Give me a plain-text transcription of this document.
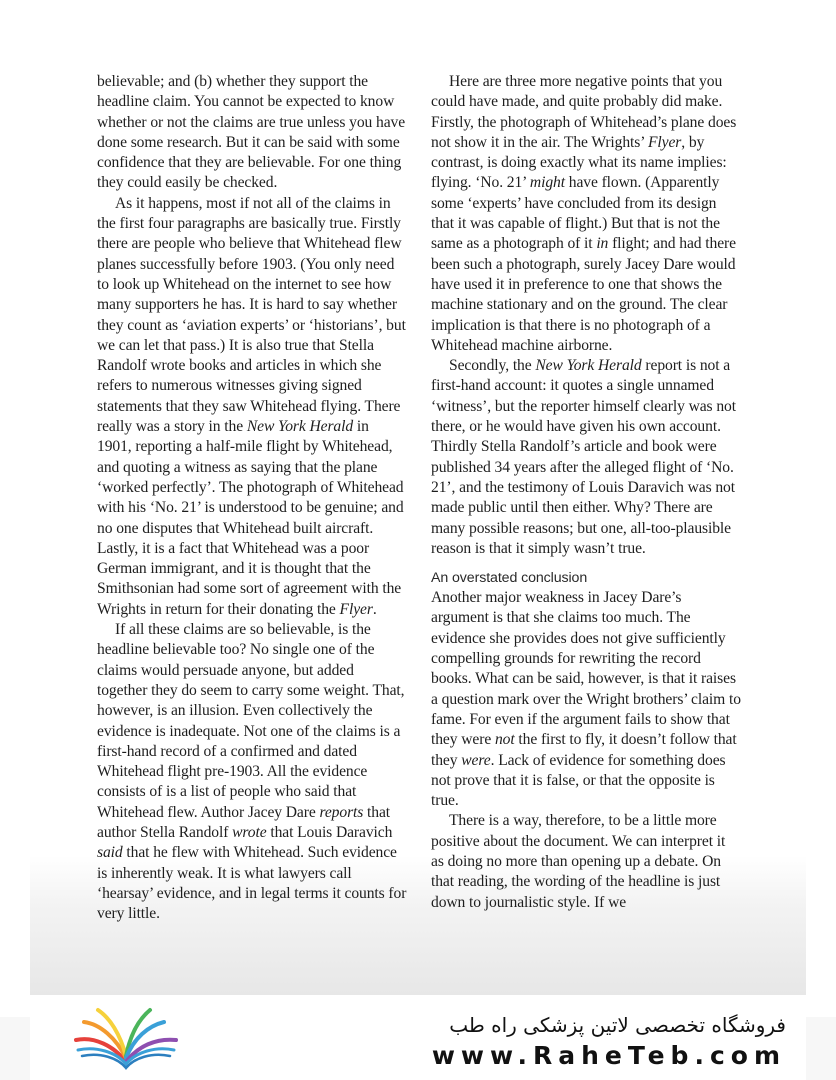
believable; and (b) whether they support the headline claim. You cannot be expected to know whether or not the claims are true unless you have done some research. But it can be said with some confidence that they are believable. For one thing they could easily be checked.

As it happens, most if not all of the claims in the first four paragraphs are basically true. Firstly there are people who believe that Whitehead flew planes successfully before 1903. (You only need to look up Whitehead on the internet to see how many supporters he has. It is hard to say whether they count as ‘aviation experts’ or ‘historians’, but we can let that pass.) It is also true that Stella Randolf wrote books and articles in which she refers to numerous witnesses giving signed statements that they saw Whitehead flying. There really was a story in the New York Herald in 1901, reporting a half-mile flight by Whitehead, and quoting a witness as saying that the plane ‘worked perfectly’. The photograph of Whitehead with his ‘No. 21’ is understood to be genuine; and no one disputes that Whitehead built aircraft. Lastly, it is a fact that Whitehead was a poor German immigrant, and it is thought that the Smithsonian had some sort of agreement with the Wrights in return for their donating the Flyer.

If all these claims are so believable, is the headline believable too? No single one of the claims would persuade anyone, but added together they do seem to carry some weight. That, however, is an illusion. Even collectively the evidence is inadequate. Not one of the claims is a first-hand record of a confirmed and dated Whitehead flight pre-1903. All the evidence consists of is a list of people who said that Whitehead flew. Author Jacey Dare reports that author Stella Randolf wrote that Louis Daravich said that he flew with Whitehead. Such evidence is inherently weak. It is what lawyers call ‘hearsay’ evidence, and in legal terms it counts for very little.

Here are three more negative points that you could have made, and quite probably did make. Firstly, the photograph of Whitehead’s plane does not show it in the air. The Wrights’ Flyer, by contrast, is doing exactly what its name implies: flying. ‘No. 21’ might have flown. (Apparently some ‘experts’ have concluded from its design that it was capable of flight.) But that is not the same as a photograph of it in flight; and had there been such a photograph, surely Jacey Dare would have used it in preference to one that shows the machine stationary and on the ground. The clear implication is that there is no photograph of a Whitehead machine airborne.

Secondly, the New York Herald report is not a first-hand account: it quotes a single unnamed ‘witness’, but the reporter himself clearly was not there, or he would have given his own account. Thirdly Stella Randolf’s article and book were published 34 years after the alleged flight of ‘No. 21’, and the testimony of Louis Daravich was not made public until then either. Why? There are many possible reasons; but one, all-too-plausible reason is that it simply wasn’t true.

An overstated conclusion

Another major weakness in Jacey Dare’s argument is that she claims too much. The evidence she provides does not give sufficiently compelling grounds for rewriting the record books. What can be said, however, is that it raises a question mark over the Wright brothers’ claim to fame. For even if the argument fails to show that they were not the first to fly, it doesn’t follow that they were. Lack of evidence for something does not prove that it is false, or that the opposite is true.

There is a way, therefore, to be a little more positive about the document. We can interpret it as doing no more than opening up a debate. On that reading, the wording of the headline is just down to journalistic style. If we

فروشگاه تخصصی لاتین پزشکی راه طب
www.RaheTeb.com
